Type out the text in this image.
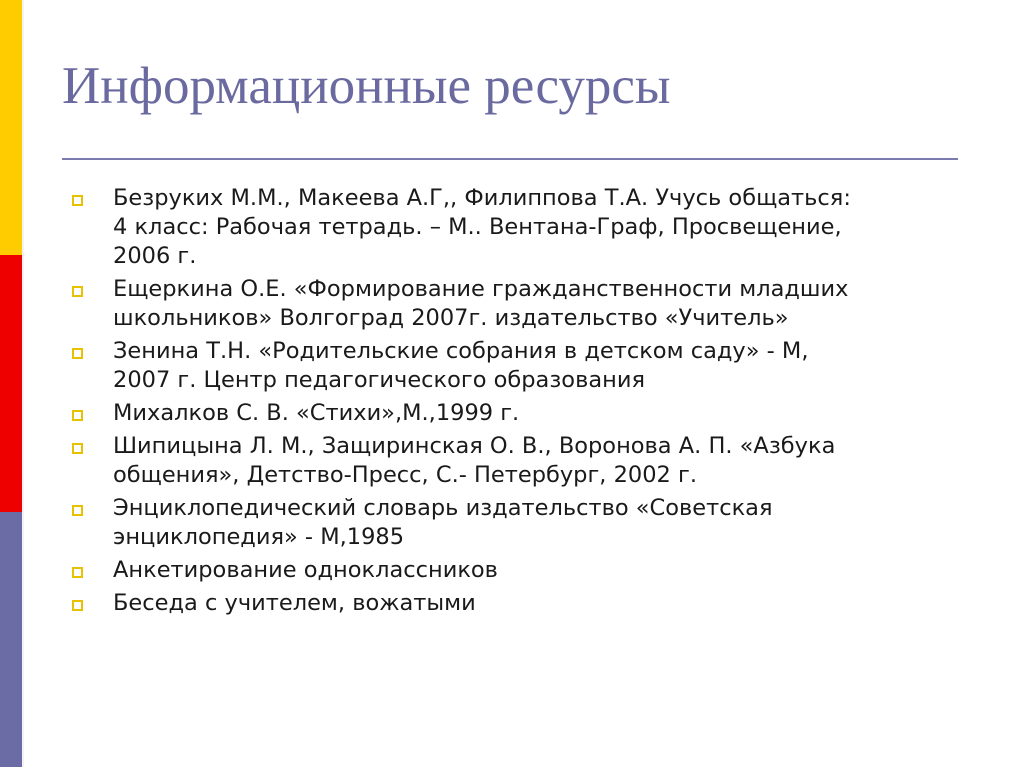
Информационные ресурсы
Безруких М.М., Макеева А.Г,, Филиппова Т.А. Учусь общаться:
4 класс: Рабочая тетрадь. – М.. Вентана-Граф, Просвещение,
2006 г.
Ещеркина О.Е. «Формирование гражданственности младших
школьников» Волгоград 2007г. издательство «Учитель»
Зенина Т.Н. «Родительские собрания в детском саду» - М,
2007 г. Центр педагогического образования
Михалков С. В. «Стихи»,М.,1999 г.
Шипицына Л. М., Защиринская О. В., Воронова А. П. «Азбука
общения», Детство-Пресс, С.- Петербург, 2002 г.
Энциклопедический словарь издательство «Советская
энциклопедия» - М,1985
Анкетирование одноклассников
Беседа с учителем, вожатыми
